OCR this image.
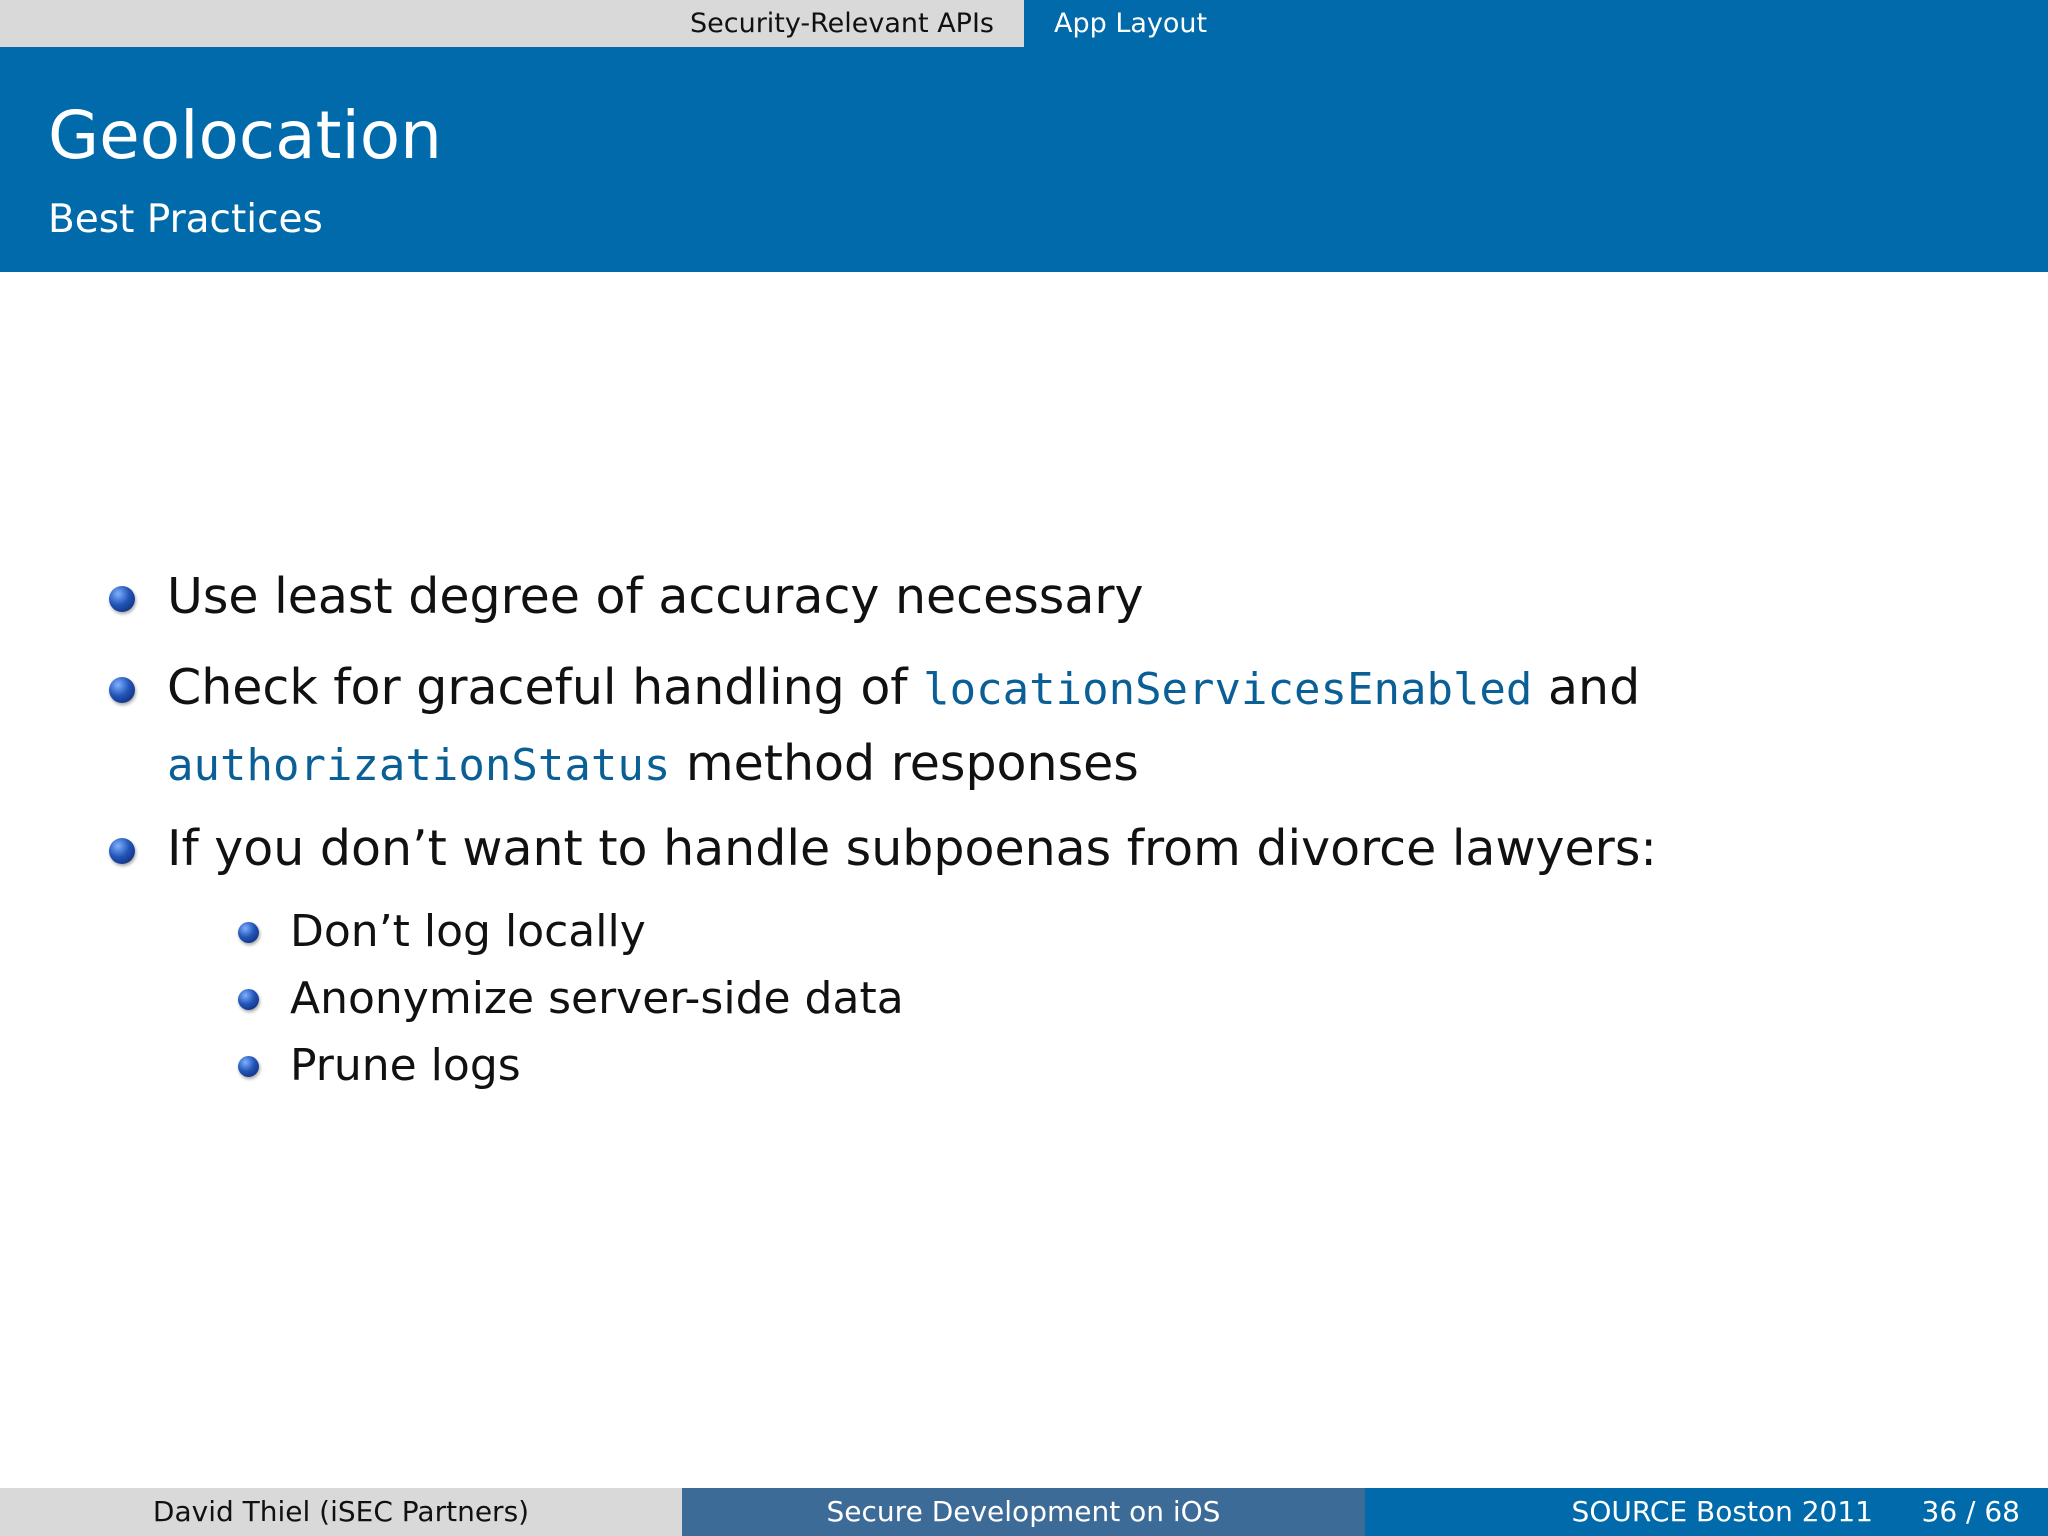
Security-Relevant APIs	App Layout
Geolocation
Best Practices
Use least degree of accuracy necessary
Check for graceful handling of locationServicesEnabled and
authorizationStatus method responses
If you don’t want to handle subpoenas from divorce lawyers:
Don’t log locally
Anonymize server-side data
Prune logs
David Thiel (iSEC Partners)	Secure Development on iOS	SOURCE Boston 2011 36 / 68
